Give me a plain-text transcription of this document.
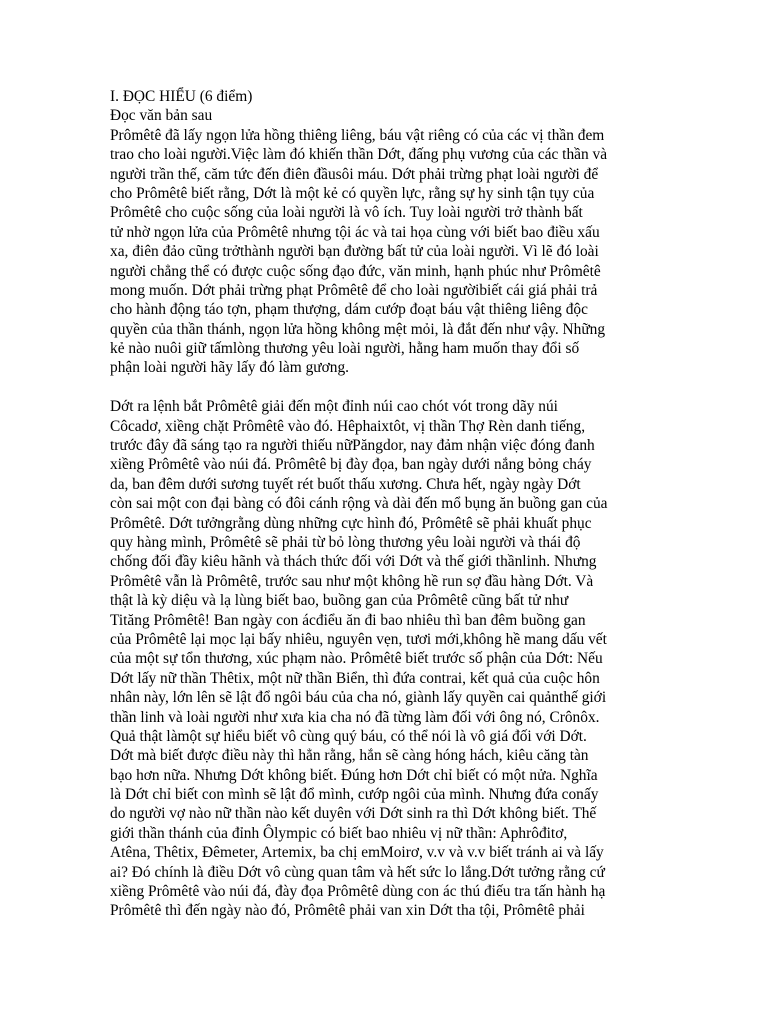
I. ĐỌC HIỂU (6 điểm)
Đọc văn bản sau
Prômêtê đã lấy ngọn lửa hồng thiêng liêng, báu vật riêng có của các vị thần đem
trao cho loài người.Việc làm đó khiến thần Dớt, đấng phụ vương của các thần và
người trần thế, căm tức đến điên đầusôi máu. Dớt phải trừng phạt loài người để
cho Prômêtê biết rằng, Dớt là một kẻ có quyền lực, rằng sự hy sinh tận tụy của
Prômêtê cho cuộc sống của loài người là vô ích. Tuy loài người trở thành bất
tử nhờ ngọn lửa của Prômêtê nhưng tội ác và tai họa cùng với biết bao điều xấu
xa, điên đảo cũng trởthành người bạn đường bất tử của loài người. Vì lẽ đó loài
người chẳng thể có được cuộc sống đạo đức, văn minh, hạnh phúc như Prômêtê
mong muốn. Dớt phải trừng phạt Prômêtê để cho loài ngườibiết cái giá phải trả
cho hành động táo tợn, phạm thượng, dám cướp đoạt báu vật thiêng liêng độc
quyền của thần thánh, ngọn lửa hồng không mệt mỏi, là đắt đến như vậy. Những
kẻ nào nuôi giữ tấmlòng thương yêu loài người, hằng ham muốn thay đổi số
phận loài người hãy lấy đó làm gương.
Dớt ra lệnh bắt Prômêtê giải đến một đỉnh núi cao chót vót trong dãy núi
Côcadơ, xiềng chặt Prômêtê vào đó. Hêphaixtôt, vị thần Thợ Rèn danh tiếng,
trước đây đã sáng tạo ra người thiếu nữPăngdor, nay đảm nhận việc đóng đanh
xiềng Prômêtê vào núi đá. Prômêtê bị đày đọa, ban ngày dưới nắng bỏng cháy
da, ban đêm dưới sương tuyết rét buốt thấu xương. Chưa hết, ngày ngày Dớt
còn sai một con đại bàng có đôi cánh rộng và dài đến mổ bụng ăn buồng gan của
Prômêtê. Dớt tưởngrằng dùng những cực hình đó, Prômêtê sẽ phải khuất phục
quy hàng mình, Prômêtê sẽ phải từ bỏ lòng thương yêu loài người và thái độ
chống đối đầy kiêu hãnh và thách thức đối với Dớt và thế giới thầnlinh. Nhưng
Prômêtê vẫn là Prômêtê, trước sau như một không hề run sợ đầu hàng Dớt. Và
thật là kỳ diệu và lạ lùng biết bao, buồng gan của Prômêtê cũng bất tử như
Tităng Prômêtê! Ban ngày con ácđiểu ăn đi bao nhiêu thì ban đêm buồng gan
của Prômêtê lại mọc lại bấy nhiêu, nguyên vẹn, tươi mới,không hề mang dấu vết
của một sự tổn thương, xúc phạm nào. Prômêtê biết trước số phận của Dớt: Nếu
Dớt lấy nữ thần Thêtix, một nữ thần Biển, thì đứa contrai, kết quả của cuộc hôn
nhân này, lớn lên sẽ lật đổ ngôi báu của cha nó, giành lấy quyền cai quảnthế giới
thần linh và loài người như xưa kia cha nó đã từng làm đối với ông nó, Crônôx.
Quả thật làmột sự hiểu biết vô cùng quý báu, có thể nói là vô giá đối với Dớt.
Dớt mà biết được điều này thì hẳn rằng, hắn sẽ càng hóng hách, kiêu căng tàn
bạo hơn nữa. Nhưng Dớt không biết. Đúng hơn Dớt chỉ biết có một nửa. Nghĩa
là Dớt chỉ biết con mình sẽ lật đổ mình, cướp ngôi của mình. Nhưng đứa conấy
do người vợ nào nữ thần nào kết duyên với Dớt sinh ra thì Dớt không biết. Thế
giới thần thánh của đỉnh Ôlympic có biết bao nhiêu vị nữ thần: Aphrôđitơ,
Atêna, Thêtix, Đêmeter, Artemix, ba chị emMoirơ, v.v và v.v biết tránh ai và lấy
ai? Đó chính là điều Dớt vô cùng quan tâm và hết sức lo lắng.Dớt tưởng rằng cứ
xiềng Prômêtê vào núi đá, đày đọa Prômêtê dùng con ác thú điếu tra tấn hành hạ
Prômêtê thì đến ngày nào đó, Prômêtê phải van xin Dớt tha tội, Prômêtê phải
